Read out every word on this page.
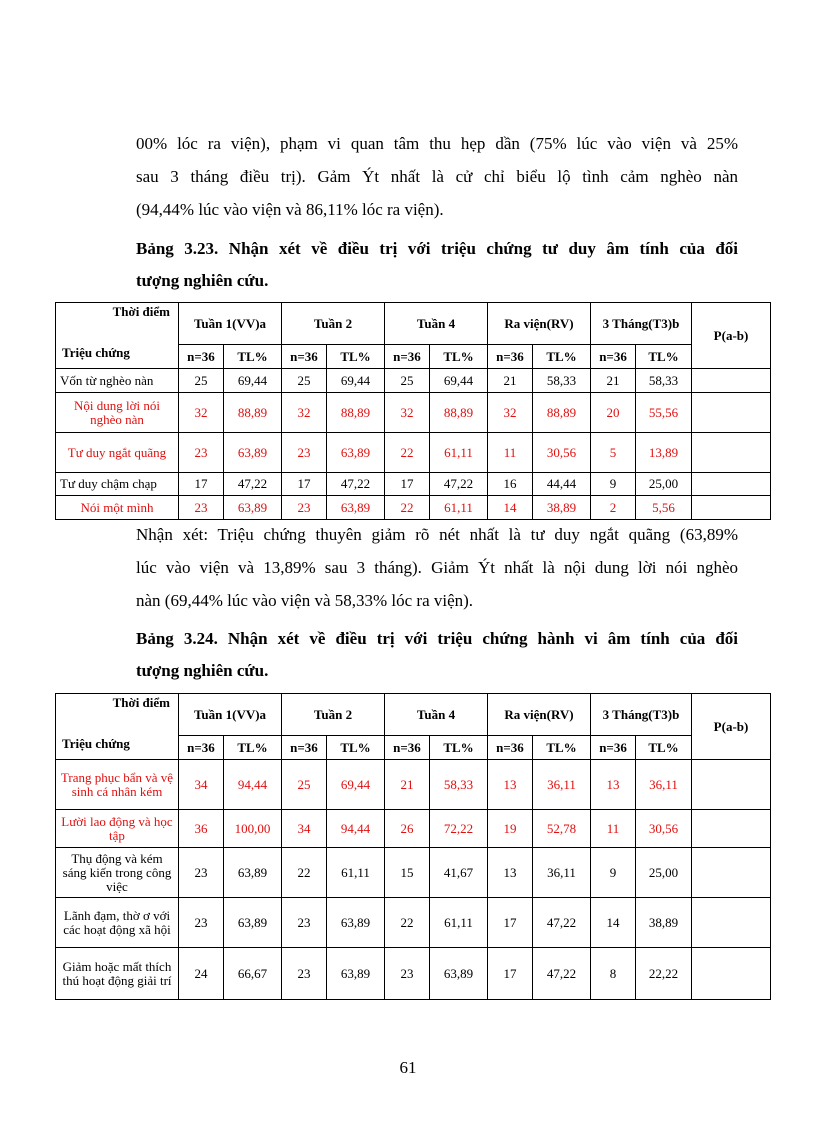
00% lóc ra viện), phạm vi quan tâm thu hẹp dần (75% lúc vào viện và 25%
sau 3 tháng điều trị). Gảm Ýt nhất là cử chỉ biểu lộ tình cảm nghèo nàn
(94,44% lúc vào viện và 86,11% lóc ra viện).
Bảng 3.23. Nhận xét về điều trị với triệu chứng tư duy âm tính của đối
tượng nghiên cứu.
Thời điểm
Triệu chứng	Tuần 1(VV)a		Tuần 2		Tuần 4		Ra viện(RV)		3 Tháng(T3)b		P(a-b)
	n=36	TL%	n=36	TL%	n=36	TL%	n=36	TL%	n=36	TL%	
Vốn từ nghèo nàn	25	69,44	25	69,44	25	69,44	21	58,33	21	58,33	
Nội dung lời nói nghèo nàn	32	88,89	32	88,89	32	88,89	32	88,89	20	55,56	
Tư duy ngắt quãng	23	63,89	23	63,89	22	61,11	11	30,56	5	13,89	
Tư duy chậm chạp	17	47,22	17	47,22	17	47,22	16	44,44	9	25,00	
Nói một mình	23	63,89	23	63,89	22	61,11	14	38,89	2	5,56	
Nhận xét: Triệu chứng thuyên giảm rõ nét nhất là tư duy ngắt quãng (63,89%
lúc vào viện và 13,89% sau 3 tháng). Giảm Ýt nhất là nội dung lời nói nghèo
nàn (69,44% lúc vào viện và 58,33% lóc ra viện).
Bảng 3.24. Nhận xét về điều trị với triệu chứng hành vi âm tính của đối
tượng nghiên cứu.
Thời điểm
Triệu chứng	Tuần 1(VV)a		Tuần 2		Tuần 4		Ra viện(RV)		3 Tháng(T3)b		P(a-b)
	n=36	TL%	n=36	TL%	n=36	TL%	n=36	TL%	n=36	TL%	
Trang phục bẩn và vệ sinh cá nhân kém	34	94,44	25	69,44	21	58,33	13	36,11	13	36,11	
Lười lao động và học tập	36	100,00	34	94,44	26	72,22	19	52,78	11	30,56	
Thụ động và kém sáng kiến trong công việc	23	63,89	22	61,11	15	41,67	13	36,11	9	25,00	
Lãnh đạm, thờ ơ với các hoạt động xã hội	23	63,89	23	63,89	22	61,11	17	47,22	14	38,89	
Giảm hoặc mất thích thú hoạt động giải trí	24	66,67	23	63,89	23	63,89	17	47,22	8	22,22	
61
